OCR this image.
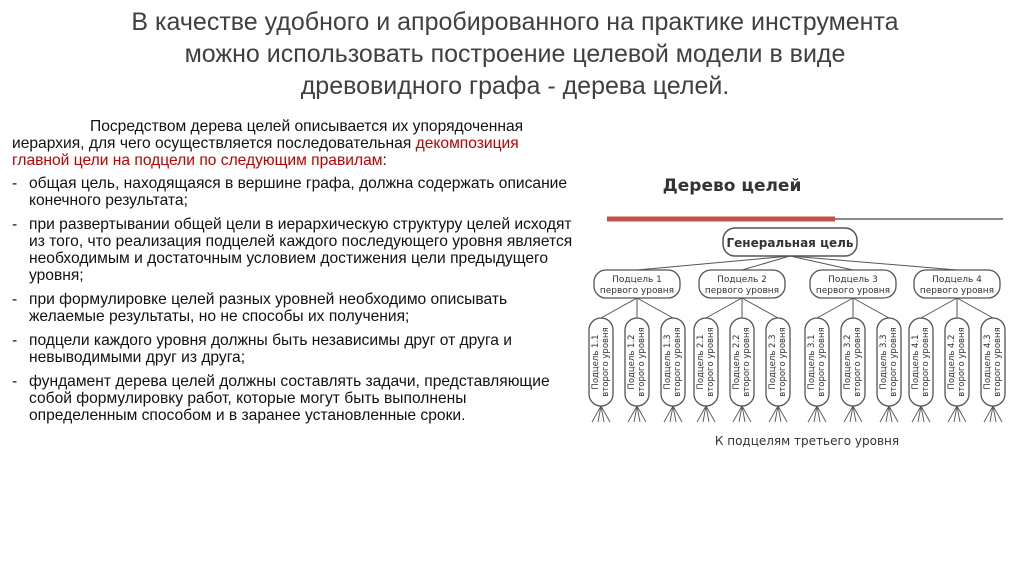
В качестве удобного и апробированного на практике инструмента
можно использовать построение целевой модели в виде
древовидного графа - дерева целей.

Посредством дерева целей описывается их упорядоченная иерархия, для чего осуществляется последовательная декомпозиция главной цели на подцели по следующим правилам:

- общая цель, находящаяся в вершине графа, должна содержать описание конечного результата;
- при развертывании общей цели в иерархическую структуру целей исходят из того, что реализация подцелей каждого последующего уровня является необходимым и достаточным условием достижения цели предыдущего уровня;
- при формулировке целей разных уровней необходимо описывать желаемые результаты, но не способы их получения;
- подцели каждого уровня должны быть независимы друг от друга и невыводимыми друг из друга;
- фундамент дерева целей должны составлять задачи, представляющие собой формулировку работ, которые могут быть выполнены определенным способом и в заранее установленные сроки.
Дерево целей
Генеральная цель
Подцель 1
первого уровня
Подцель 2
первого уровня
Подцель 3
первого уровня
Подцель 4
первого уровня
Подцель 1.1 второго уровня Подцель 1.2 второго уровня Подцель 1.3 второго уровня Подцель 2.1 второго уровня Подцель 2.2 второго уровня Подцель 2.3 второго уровня Подцель 3.1 второго уровня Подцель 3.2 второго уровня Подцель 3.3 второго уровня Подцель 4.1 второго уровня Подцель 4.2 второго уровня Подцель 4.3 второго уровня
К подцелям третьего уровня
